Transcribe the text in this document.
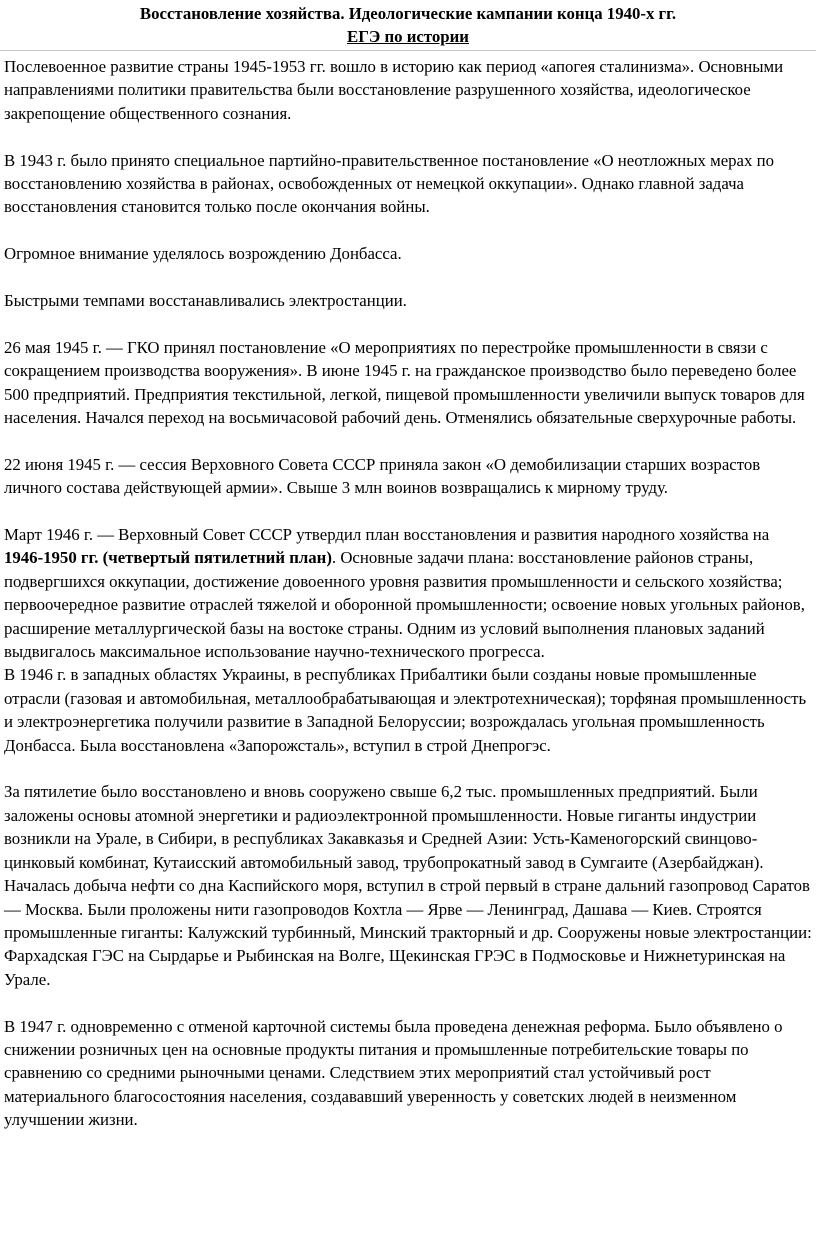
Восстановление хозяйства. Идеологические кампании конца 1940-х гг.
ЕГЭ по истории

Послевоенное развитие страны 1945-1953 гг. вошло в историю как период «апогея сталинизма». Основными направлениями политики правительства были восстановление разрушенного хозяйства, идеологическое закрепощение общественного сознания.

В 1943 г. было принято специальное партийно-правительственное постановление «О неотложных мерах по восстановлению хозяйства в районах, освобожденных от немецкой оккупации». Однако главной задача восстановления становится только после окончания войны.

Огромное внимание уделялось возрождению Донбасса.

Быстрыми темпами восстанавливались электростанции.

26 мая 1945 г. — ГКО принял постановление «О мероприятиях по перестройке промышленности в связи с сокращением производства вооружения». В июне 1945 г. на гражданское производство было переведено более 500 предприятий. Предприятия текстильной, легкой, пищевой промышленности увеличили выпуск товаров для населения. Начался переход на восьмичасовой рабочий день. Отменялись обязательные сверхурочные работы.

22 июня 1945 г. — сессия Верховного Совета СССР приняла закон «О демобилизации старших возрастов личного состава действующей армии». Свыше 3 млн воинов возвращались к мирному труду.

Март 1946 г. — Верховный Совет СССР утвердил план восстановления и развития народного хозяйства на 1946-1950 гг. (четвертый пятилетний план). Основные задачи плана: восстановление районов страны, подвергшихся оккупации, достижение довоенного уровня развития промышленности и сельского хозяйства; первоочередное развитие отраслей тяжелой и оборонной промышленности; освоение новых угольных районов, расширение металлургической базы на востоке страны. Одним из условий выполнения плановых заданий выдвигалось максимальное использование научно-технического прогресса.

В 1946 г. в западных областях Украины, в республиках Прибалтики были созданы новые промышленные отрасли (газовая и автомобильная, металлообрабатывающая и электротехническая); торфяная промышленность и электроэнергетика получили развитие в Западной Белоруссии; возрождалась угольная промышленность Донбасса. Была восстановлена «Запорожсталь», вступил в строй Днепрогэс.

За пятилетие было восстановлено и вновь сооружено свыше 6,2 тыс. промышленных предприятий. Были заложены основы атомной энергетики и радиоэлектронной промышленности. Новые гиганты индустрии возникли на Урале, в Сибири, в республиках Закавказья и Средней Азии: Усть-Каменогорский свинцово-цинковый комбинат, Кутаисский автомобильный завод, трубопрокатный завод в Сумгаите (Азербайджан). Началась добыча нефти со дна Каспийского моря, вступил в строй первый в стране дальний газопровод Саратов — Москва. Были проложены нити газопроводов Кохтла — Ярве — Ленинград, Дашава — Киев. Строятся промышленные гиганты: Калужский турбинный, Минский тракторный и др. Сооружены новые электростанции: Фархадская ГЭС на Сырдарье и Рыбинская на Волге, Щекинская ГРЭС в Подмосковье и Нижнетуринская на Урале.

В 1947 г. одновременно с отменой карточной системы была проведена денежная реформа. Было объявлено о снижении розничных цен на основные продукты питания и промышленные потребительские товары по сравнению со средними рыночными ценами. Следствием этих мероприятий стал устойчивый рост материального благосостояния населения, создававший уверенность у советских людей в неизменном улучшении жизни.
